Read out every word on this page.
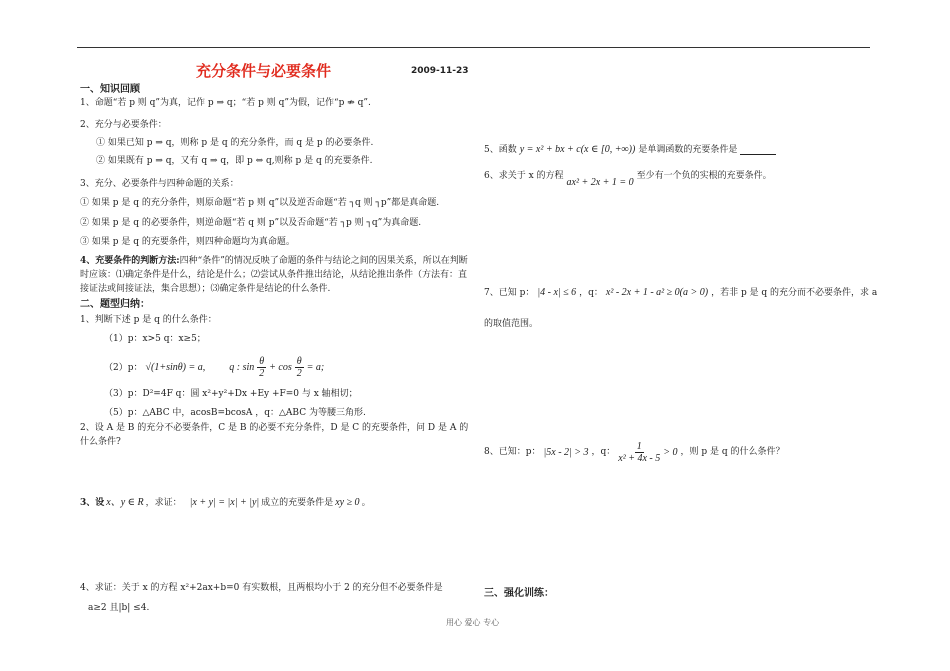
充分条件与必要条件	2009-11-23
一、知识回顾
1、命题“若 p 则 q”为真，记作 p ⇒ q；“若 p 则 q”为假，记作“p ⇏ q”.
2、充分与必要条件：
① 如果已知 p ⇒ q，则称 p 是 q 的充分条件，而 q 是 p 的必要条件.
② 如果既有 p ⇒ q，又有 q ⇒ q，即 p ⇔ q,则称 p 是 q 的充要条件.
3、充分、必要条件与四种命题的关系：
① 如果 p 是 q 的充分条件，则原命题“若 p 则 q”以及逆否命题“若 ┐q 则 ┐p”都是真命题.
② 如果 p 是 q 的必要条件，则逆命题“若 q 则 p”以及否命题“若 ┐p 则 ┐q”为真命题.
③ 如果 p 是 q 的充要条件，则四种命题均为真命题。
4、充要条件的判断方法:四种“条件”的情况反映了命题的条件与结论之间的因果关系，所以在判断时应该：⑴确定条件是什么，结论是什么；⑵尝试从条件推出结论，从结论推出条件（方法有：直接证法或间接证法，集合思想）；⑶确定条件是结论的什么条件.
二、题型归纳：
1、判断下述 p 是 q 的什么条件：
（1）p：x>5 q：x≥5；
（2）p： √(1+sinθ) = a, q : $\sin \frac{\theta}{2} + \cos \frac{\theta}{2} = a$;
（3）p：D²=4F q：圆 x²+y²+Dx +Ey +F=0 与 x 轴相切；
（5）p：△ABC 中，acosB=bcosA ，q：△ABC 为等腰三角形.
2、设 A 是 B 的充分不必要条件，C 是 B 的必要不充分条件，D 是 C 的充要条件，问 D 是 A 的什么条件?
3、设 x、y ∈ R ，求证： |x + y| = |x| + |y| 成立的充要条件是 xy ≥ 0 。
4、求证：关于 x 的方程 x²+2ax+b=0 有实数根，且两根均小于 2 的充分但不必要条件是
a≥2 且|b| ≤4.
5、函数 y = x² + bx + c(x ∈ [0, +∞)) 是单调函数的充要条件是
6、求关于 x 的方程
ax² + 2x + 1 = 0
至少有一个负的实根的充要条件。
7、已知 p： |4 - x| ≤ 6 ，q： x² - 2x + 1 - a² ≥ 0(a > 0) ，若非 p 是 q 的充分而不必要条件，求 a
的取值范围。
8、已知：p： |5x - 2| > 3 ，q： $\frac{1}{\text{x² + 4x - 5}} > 0$ ，则 p 是 q 的什么条件？
三、强化训练：
用心 爱心 专心
